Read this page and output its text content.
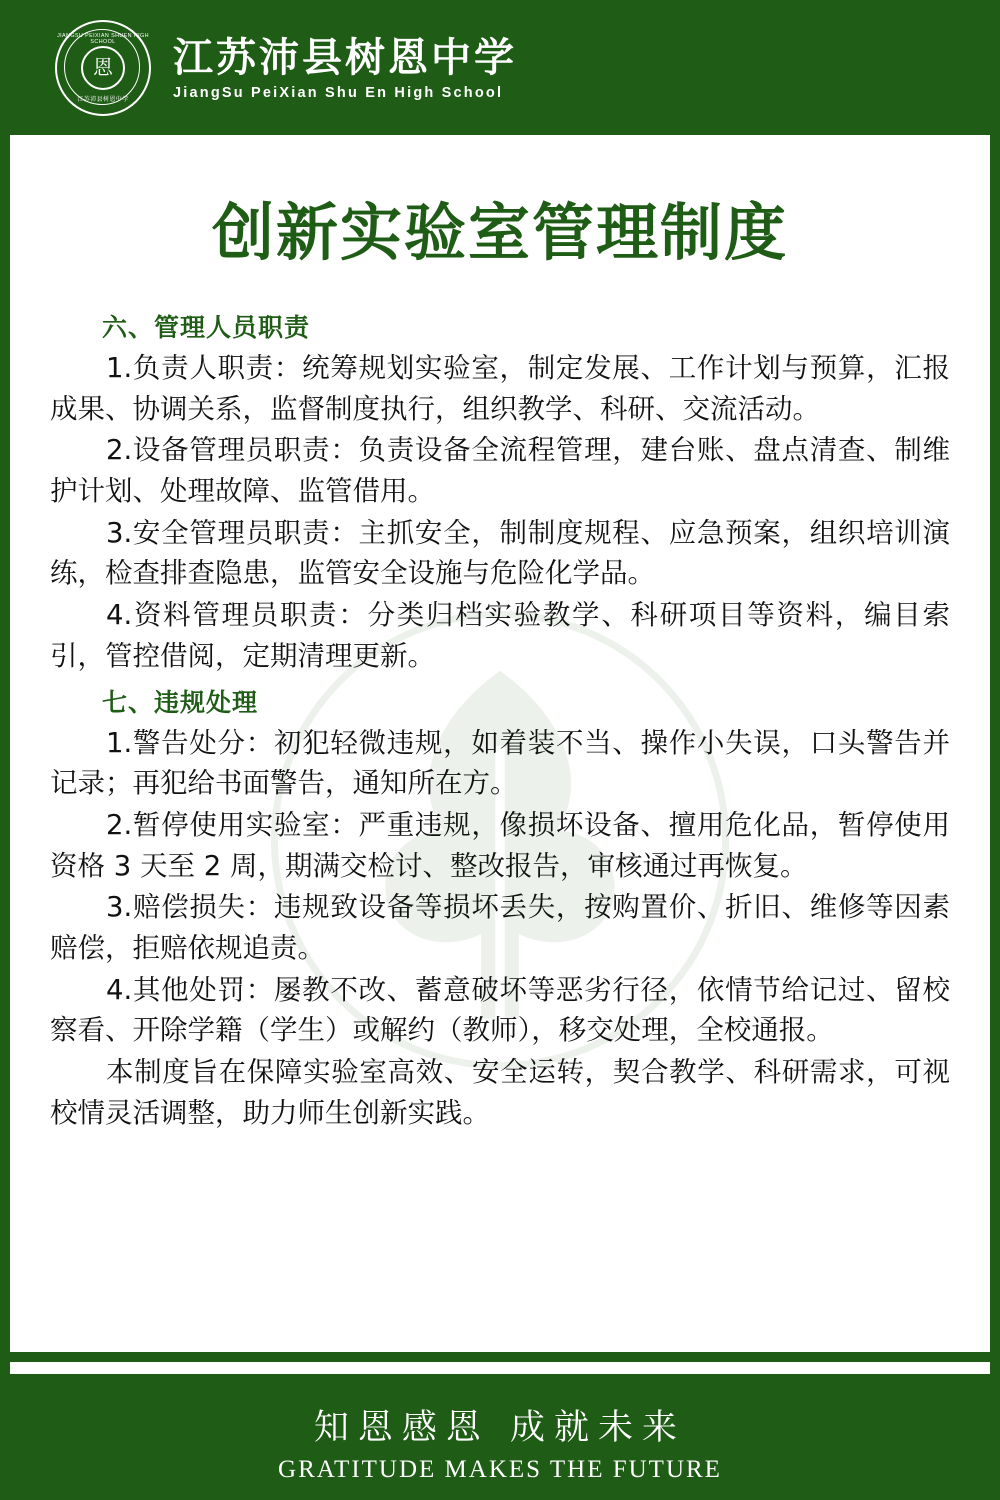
JIANGSU PEIXIAN SHUEN HIGH SCHOOL
恩
江苏沛县树恩中学
江苏沛县树恩中学
JiangSu PeiXian Shu En High School
创新实验室管理制度
六、管理人员职责

1.负责人职责：统筹规划实验室，制定发展、工作计划与预算，汇报成果、协调关系，监督制度执行，组织教学、科研、交流活动。

2.设备管理员职责：负责设备全流程管理，建台账、盘点清查、制维护计划、处理故障、监管借用。

3.安全管理员职责：主抓安全，制制度规程、应急预案，组织培训演练，检查排查隐患，监管安全设施与危险化学品。

4.资料管理员职责：分类归档实验教学、科研项目等资料，编目索引，管控借阅，定期清理更新。

七、违规处理

1.警告处分：初犯轻微违规，如着装不当、操作小失误，口头警告并记录；再犯给书面警告，通知所在方。

2.暂停使用实验室：严重违规，像损坏设备、擅用危化品，暂停使用资格 3 天至 2 周，期满交检讨、整改报告，审核通过再恢复。

3.赔偿损失：违规致设备等损坏丢失，按购置价、折旧、维修等因素赔偿，拒赔依规追责。

4.其他处罚：屡教不改、蓄意破坏等恶劣行径，依情节给记过、留校察看、开除学籍（学生）或解约（教师），移交处理，全校通报。

本制度旨在保障实验室高效、安全运转，契合教学、科研需求，可视校情灵活调整，助力师生创新实践。

知恩感恩 成就未来
GRATITUDE MAKES THE FUTURE
